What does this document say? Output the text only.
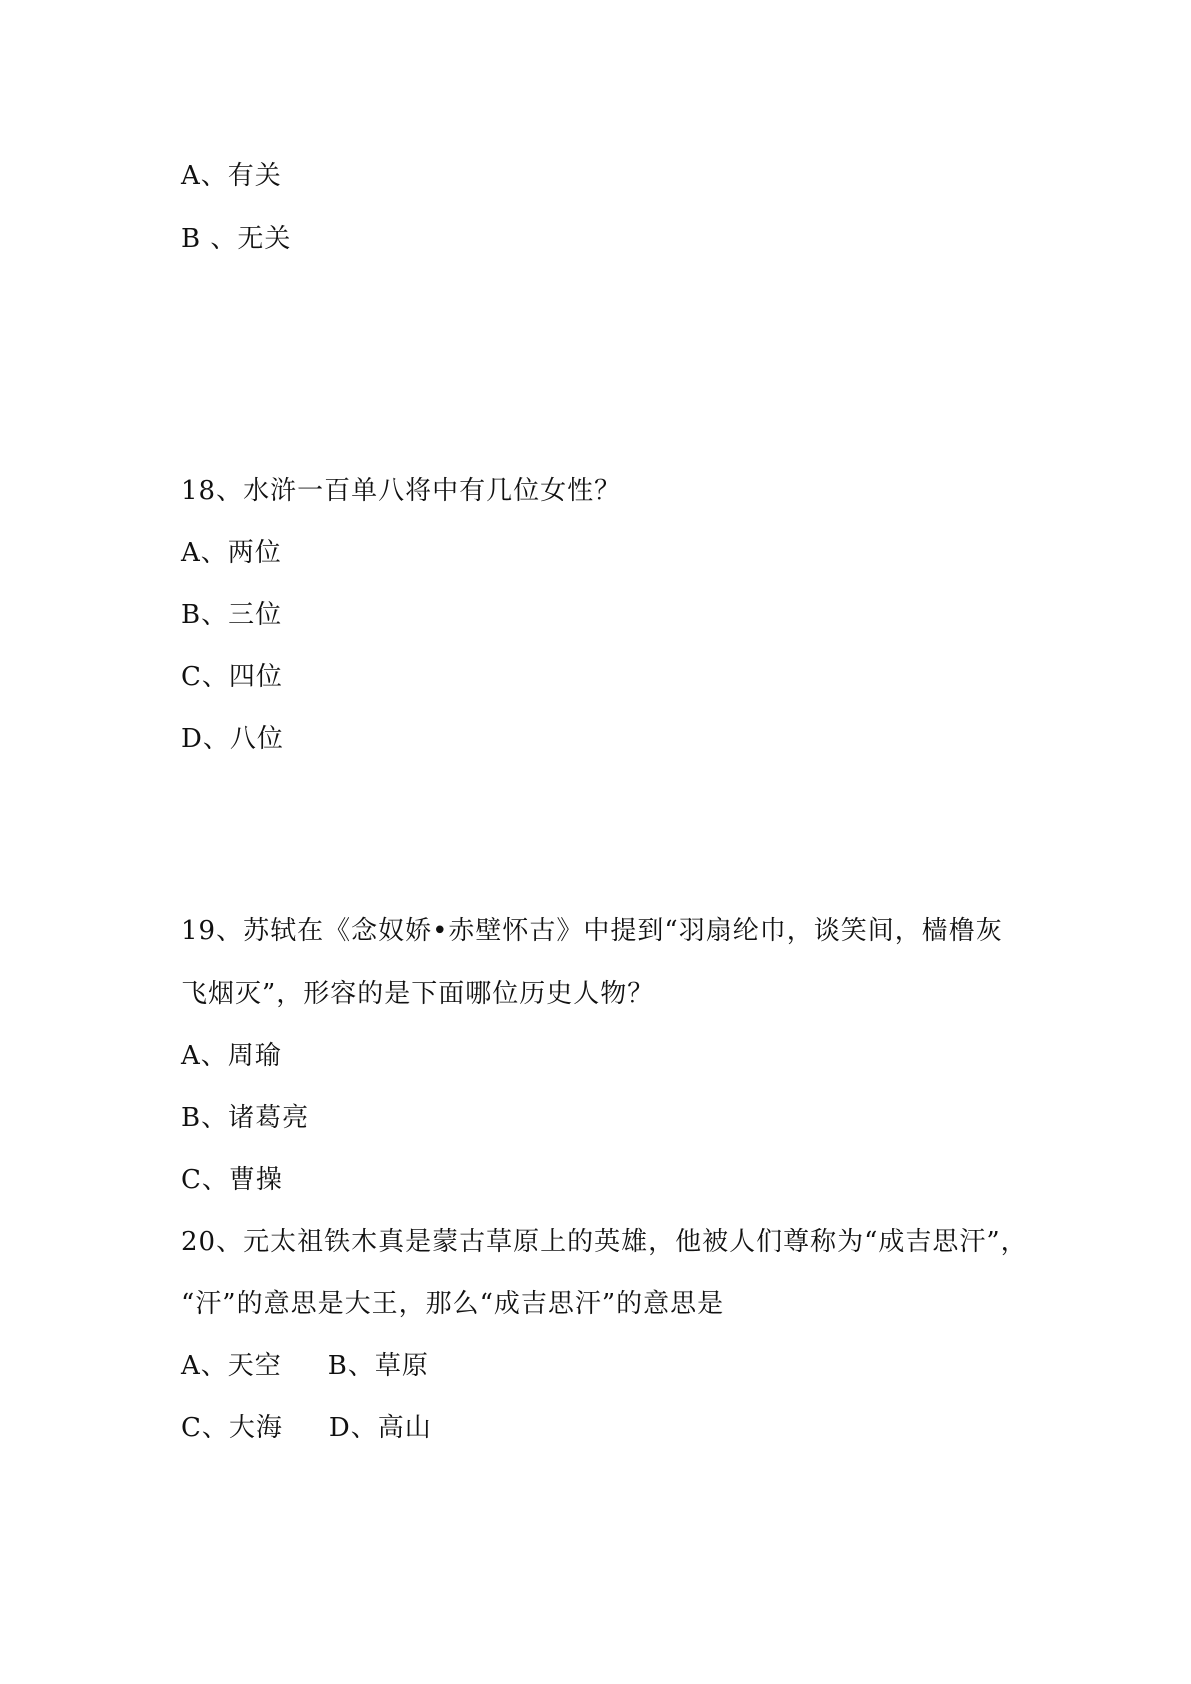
A、有关
B 、无关
18、水浒一百单八将中有几位女性？
A、两位
B、三位
C、四位
D、八位
19、苏轼在《念奴娇•赤壁怀古》中提到“羽扇纶巾，谈笑间，樯橹灰
飞烟灭”，形容的是下面哪位历史人物？
A、周瑜
B、诸葛亮
C、曹操
20、元太祖铁木真是蒙古草原上的英雄，他被人们尊称为“成吉思汗”，
“汗”的意思是大王，那么“成吉思汗”的意思是
A、天空 B、草原
C、大海 D、高山
